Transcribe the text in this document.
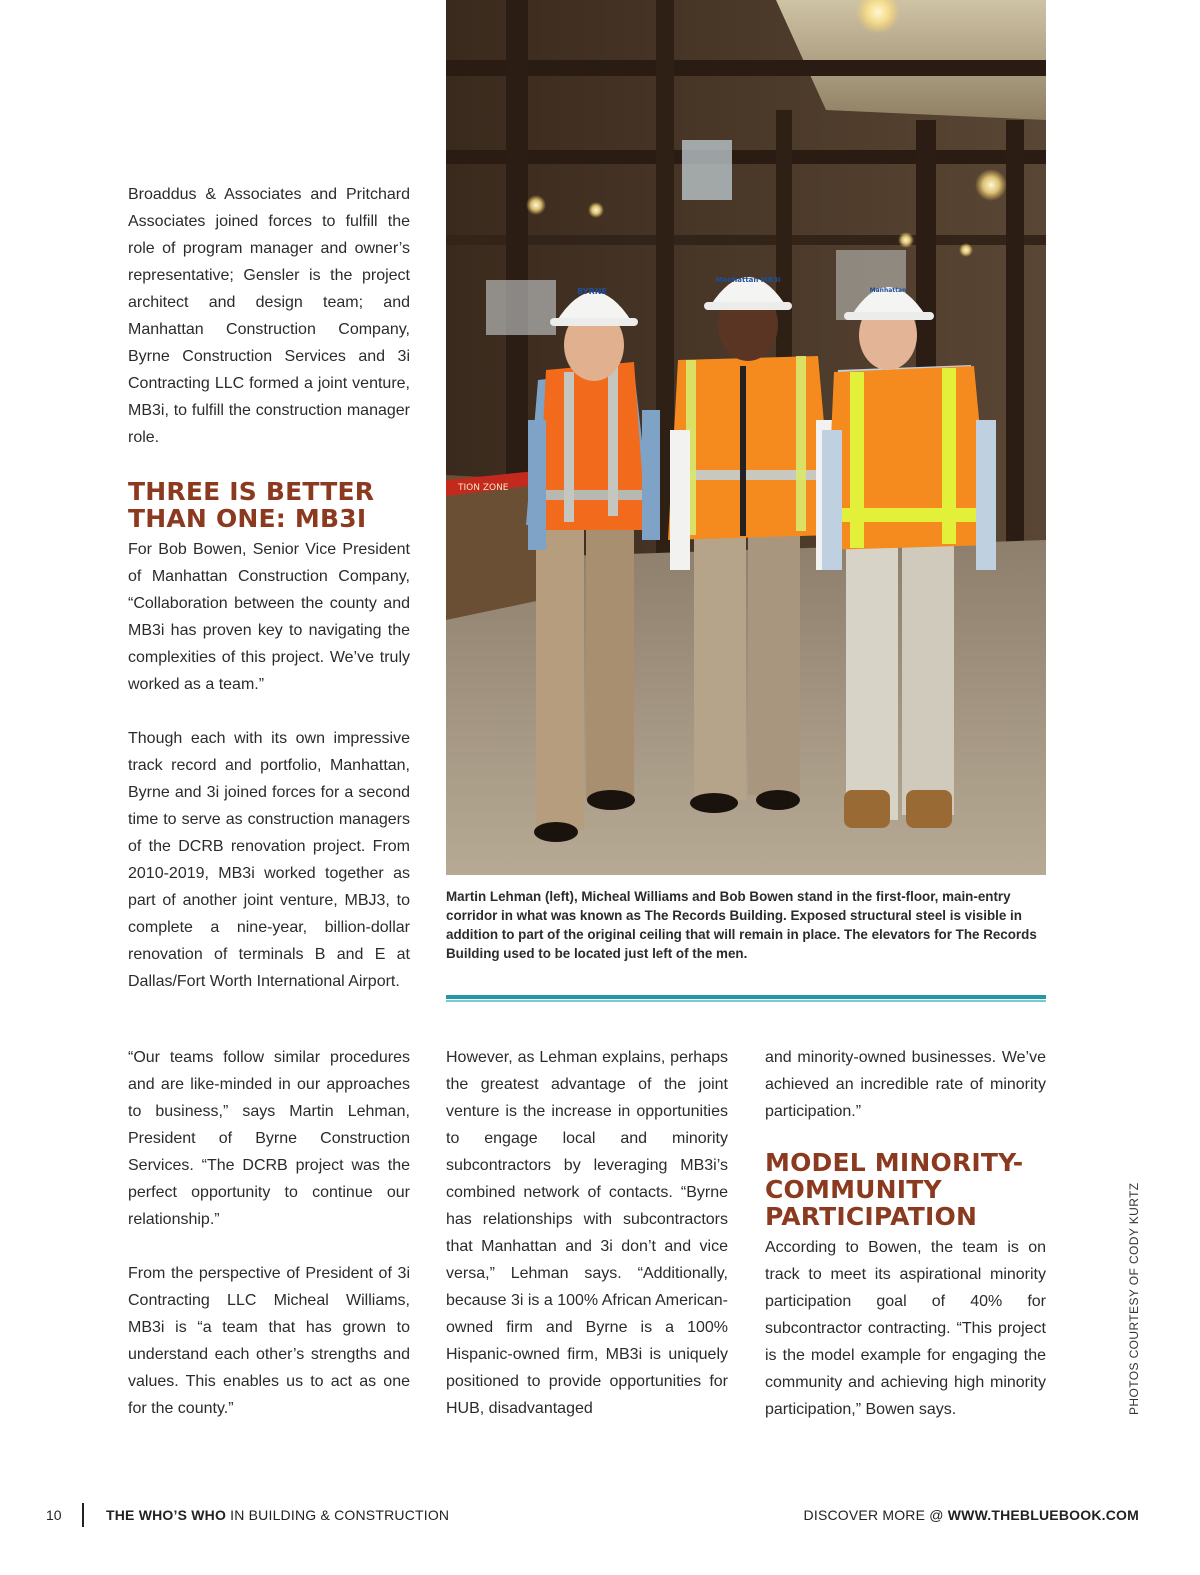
Broaddus & Associates and Pritchard Associates joined forces to fulfill the role of program manager and owner’s representative; Gensler is the project architect and design team; and Manhattan Construction Company, Byrne Construction Services and 3i Contracting LLC formed a joint venture, MB3i, to fulfill the construction manager role.

THREE IS BETTER THAN ONE: MB3I

For Bob Bowen, Senior Vice President of Manhattan Construction Company, “Collaboration between the county and MB3i has proven key to navigating the complexities of this project. We’ve truly worked as a team.”

Though each with its own impressive track record and portfolio, Manhattan, Byrne and 3i joined forces for a second time to serve as construction managers of the DCRB renovation project. From 2010-2019, MB3i worked together as part of another joint venture, MBJ3, to complete a nine-year, billion-dollar renovation of terminals B and E at Dallas/Fort Worth International Airport.

“Our teams follow similar procedures and are like-minded in our approaches to business,” says Martin Lehman, President of Byrne Construction Services. “The DCRB project was the perfect opportunity to continue our relationship.”

From the perspective of President of 3i Contracting LLC Micheal Williams, MB3i is “a team that has grown to understand each other’s strengths and values. This enables us to act as one for the county.”

TION ZONE
BYRNE
Manhattan MB3i
Manhattan

Martin Lehman (left), Micheal Williams and Bob Bowen stand in the first-floor, main-entry corridor in what was known as The Records Building. Exposed structural steel is visible in addition to part of the original ceiling that will remain in place. The elevators for The Records Building used to be located just left of the men.

However, as Lehman explains, perhaps the greatest advantage of the joint venture is the increase in opportunities to engage local and minority subcontractors by leveraging MB3i’s combined network of contacts. “Byrne has relationships with subcontractors that Manhattan and 3i don’t and vice versa,” Lehman says. “Additionally, because 3i is a 100% African American-owned firm and Byrne is a 100% Hispanic-owned firm, MB3i is uniquely positioned to provide opportunities for HUB, disadvantaged

and minority-owned businesses. We’ve achieved an incredible rate of minority participation.”

MODEL MINORITY-COMMUNITY PARTICIPATION

According to Bowen, the team is on track to meet its aspirational minority participation goal of 40% for subcontractor contracting. “This project is the model example for engaging the community and achieving high minority participation,” Bowen says.	PHOTOS COURTESY OF CODY KURTZ
10	THE WHO’S WHO IN BUILDING & CONSTRUCTION	DISCOVER MORE @ WWW.THEBLUEBOOK.COM
